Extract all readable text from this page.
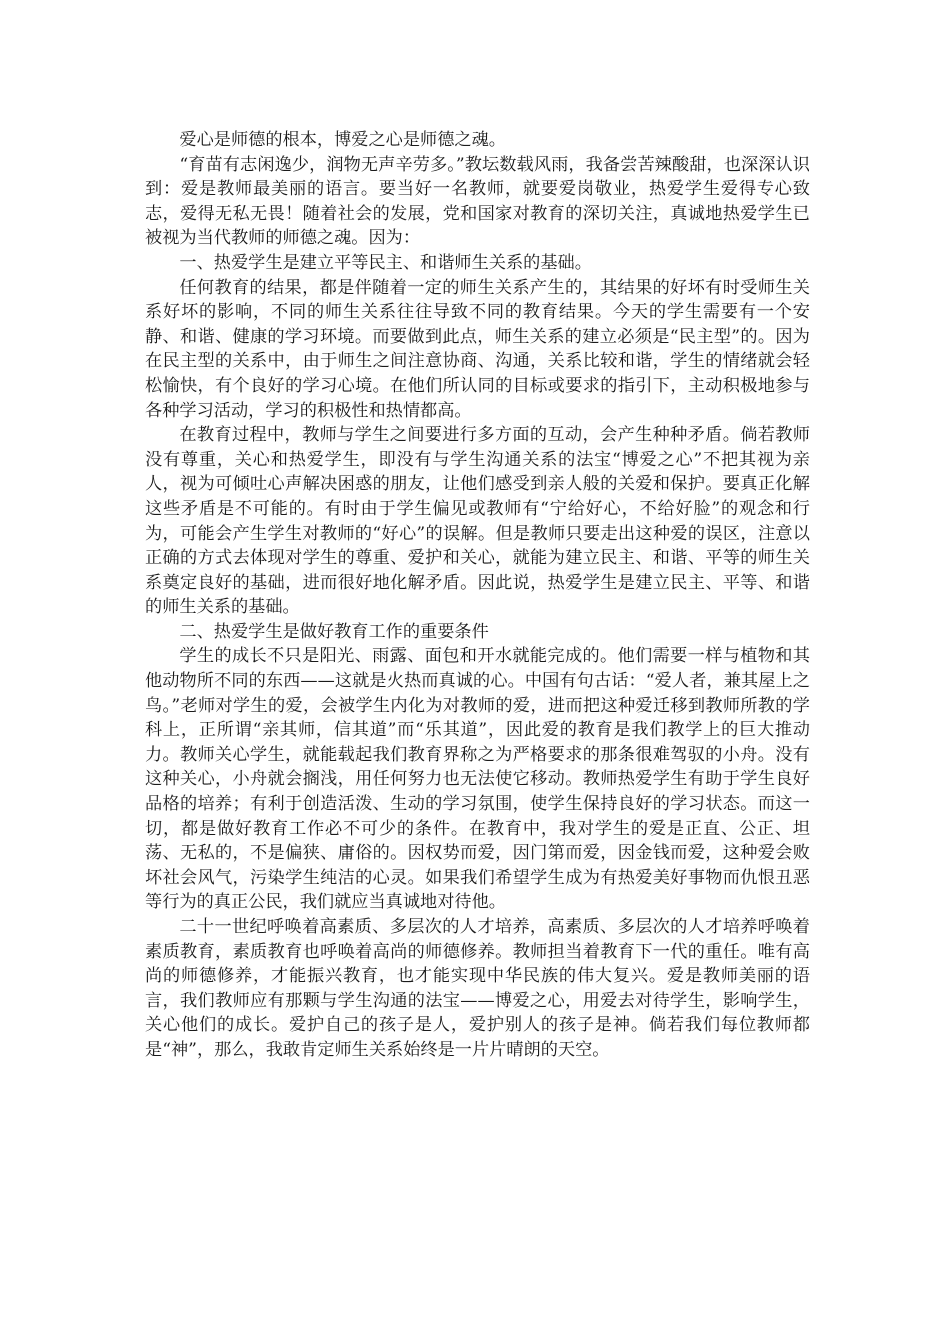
爱心是师德的根本，博爱之心是师德之魂。

“育苗有志闲逸少，润物无声辛劳多。”教坛数载风雨，我备尝苦辣酸甜，也深深认识到：爱是教师最美丽的语言。要当好一名教师，就要爱岗敬业，热爱学生爱得专心致志，爱得无私无畏！随着社会的发展，党和国家对教育的深切关注，真诚地热爱学生已被视为当代教师的师德之魂。因为：

一、热爱学生是建立平等民主、和谐师生关系的基础。

任何教育的结果，都是伴随着一定的师生关系产生的，其结果的好坏有时受师生关系好坏的影响，不同的师生关系往往导致不同的教育结果。今天的学生需要有一个安静、和谐、健康的学习环境。而要做到此点，师生关系的建立必须是“民主型”的。因为在民主型的关系中，由于师生之间注意协商、沟通，关系比较和谐，学生的情绪就会轻松愉快，有个良好的学习心境。在他们所认同的目标或要求的指引下，主动积极地参与各种学习活动，学习的积极性和热情都高。

在教育过程中，教师与学生之间要进行多方面的互动，会产生种种矛盾。倘若教师没有尊重，关心和热爱学生，即没有与学生沟通关系的法宝“博爱之心”不把其视为亲人，视为可倾吐心声解决困惑的朋友，让他们感受到亲人般的关爱和保护。要真正化解这些矛盾是不可能的。有时由于学生偏见或教师有“宁给好心，不给好脸”的观念和行为，可能会产生学生对教师的“好心”的误解。但是教师只要走出这种爱的误区，注意以正确的方式去体现对学生的尊重、爱护和关心，就能为建立民主、和谐、平等的师生关系奠定良好的基础，进而很好地化解矛盾。因此说，热爱学生是建立民主、平等、和谐的师生关系的基础。

二、热爱学生是做好教育工作的重要条件

学生的成长不只是阳光、雨露、面包和开水就能完成的。他们需要一样与植物和其他动物所不同的东西——这就是火热而真诚的心。中国有句古话：“爱人者，兼其屋上之鸟。”老师对学生的爱，会被学生内化为对教师的爱，进而把这种爱迁移到教师所教的学科上，正所谓“亲其师，信其道”而“乐其道”，因此爱的教育是我们教学上的巨大推动力。教师关心学生，就能载起我们教育界称之为严格要求的那条很难驾驭的小舟。没有这种关心，小舟就会搁浅，用任何努力也无法使它移动。教师热爱学生有助于学生良好品格的培养；有利于创造活泼、生动的学习氛围，使学生保持良好的学习状态。而这一切，都是做好教育工作必不可少的条件。在教育中，我对学生的爱是正直、公正、坦荡、无私的，不是偏狭、庸俗的。因权势而爱，因门第而爱，因金钱而爱，这种爱会败坏社会风气，污染学生纯洁的心灵。如果我们希望学生成为有热爱美好事物而仇恨丑恶等行为的真正公民，我们就应当真诚地对待他。

二十一世纪呼唤着高素质、多层次的人才培养，高素质、多层次的人才培养呼唤着素质教育，素质教育也呼唤着高尚的师德修养。教师担当着教育下一代的重任。唯有高尚的师德修养，才能振兴教育，也才能实现中华民族的伟大复兴。爱是教师美丽的语言，我们教师应有那颗与学生沟通的法宝——博爱之心，用爱去对待学生，影响学生，关心他们的成长。爱护自己的孩子是人，爱护别人的孩子是神。倘若我们每位教师都是“神”，那么，我敢肯定师生关系始终是一片片晴朗的天空。
